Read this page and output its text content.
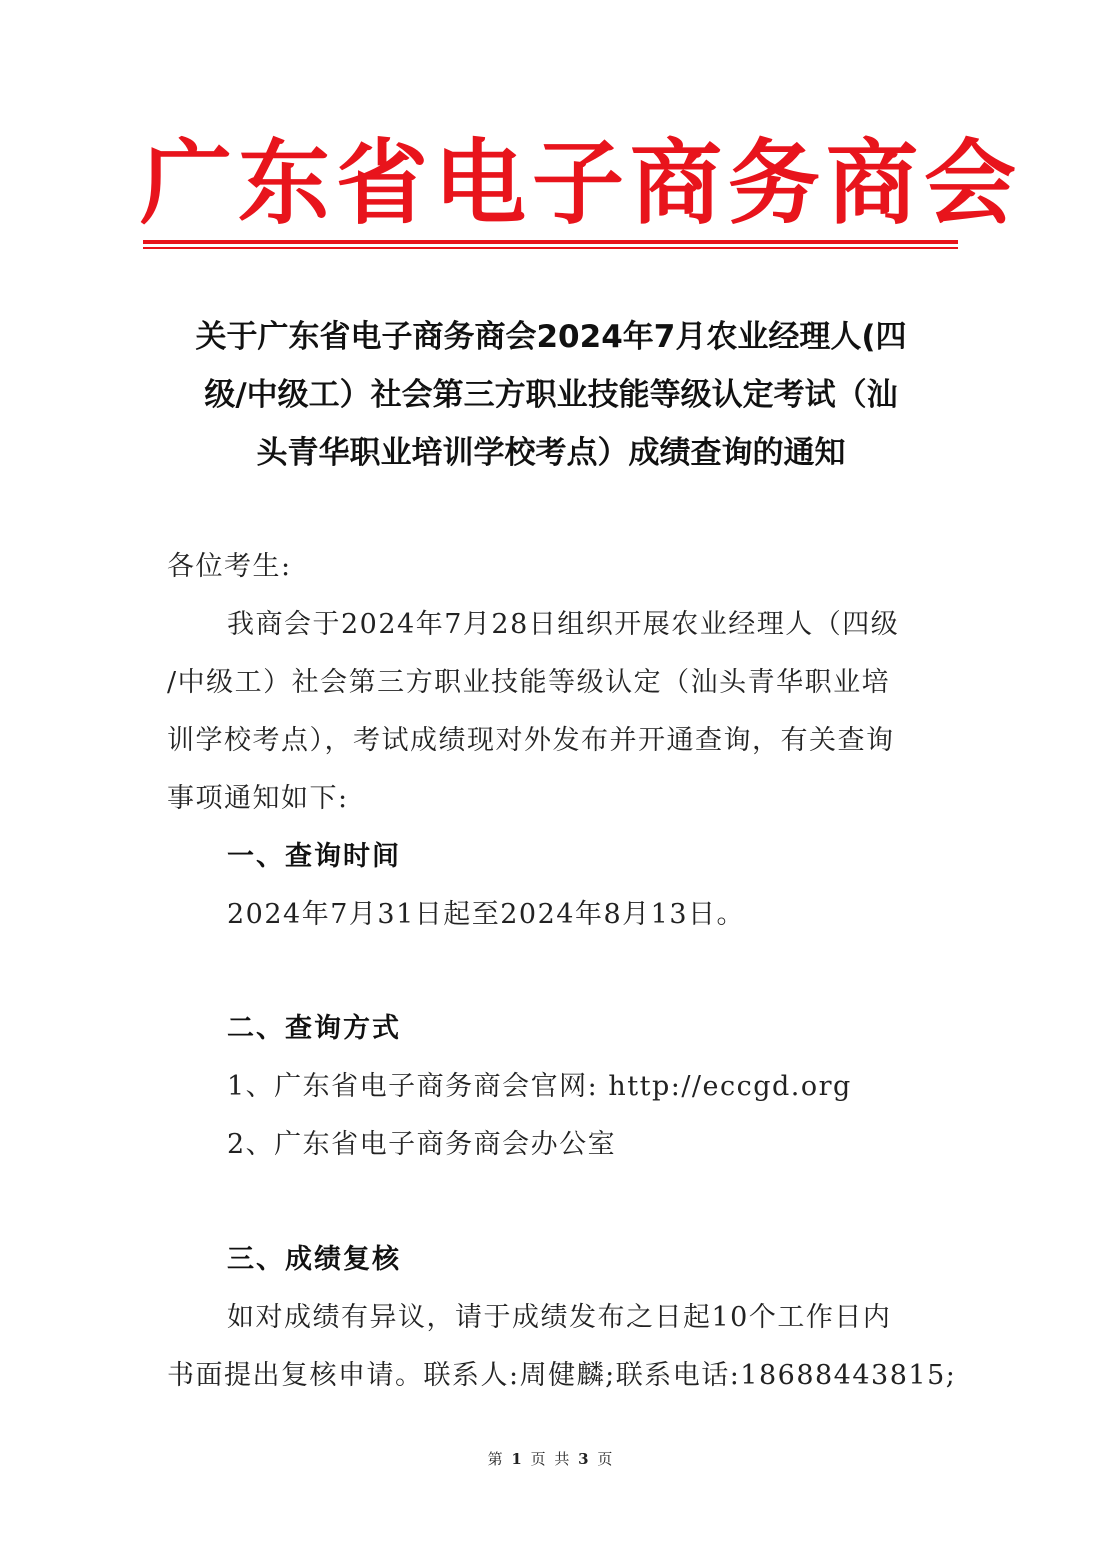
广东省电子商务商会
关于广东省电子商务商会2024年7月农业经理人(四
级/中级工）社会第三方职业技能等级认定考试（汕
头青华职业培训学校考点）成绩查询的通知
各位考生:
我商会于2024年7月28日组织开展农业经理人（四级
/中级工）社会第三方职业技能等级认定（汕头青华职业培
训学校考点），考试成绩现对外发布并开通查询，有关查询
事项通知如下:
一、查询时间
2024年7月31日起至2024年8月13日。
二、查询方式
1、广东省电子商务商会官网: http://eccgd.org
2、广东省电子商务商会办公室
三、成绩复核
如对成绩有异议，请于成绩发布之日起10个工作日内
书面提出复核申请。联系人:周健麟;联系电话:18688443815;
第 1 页 共 3 页
